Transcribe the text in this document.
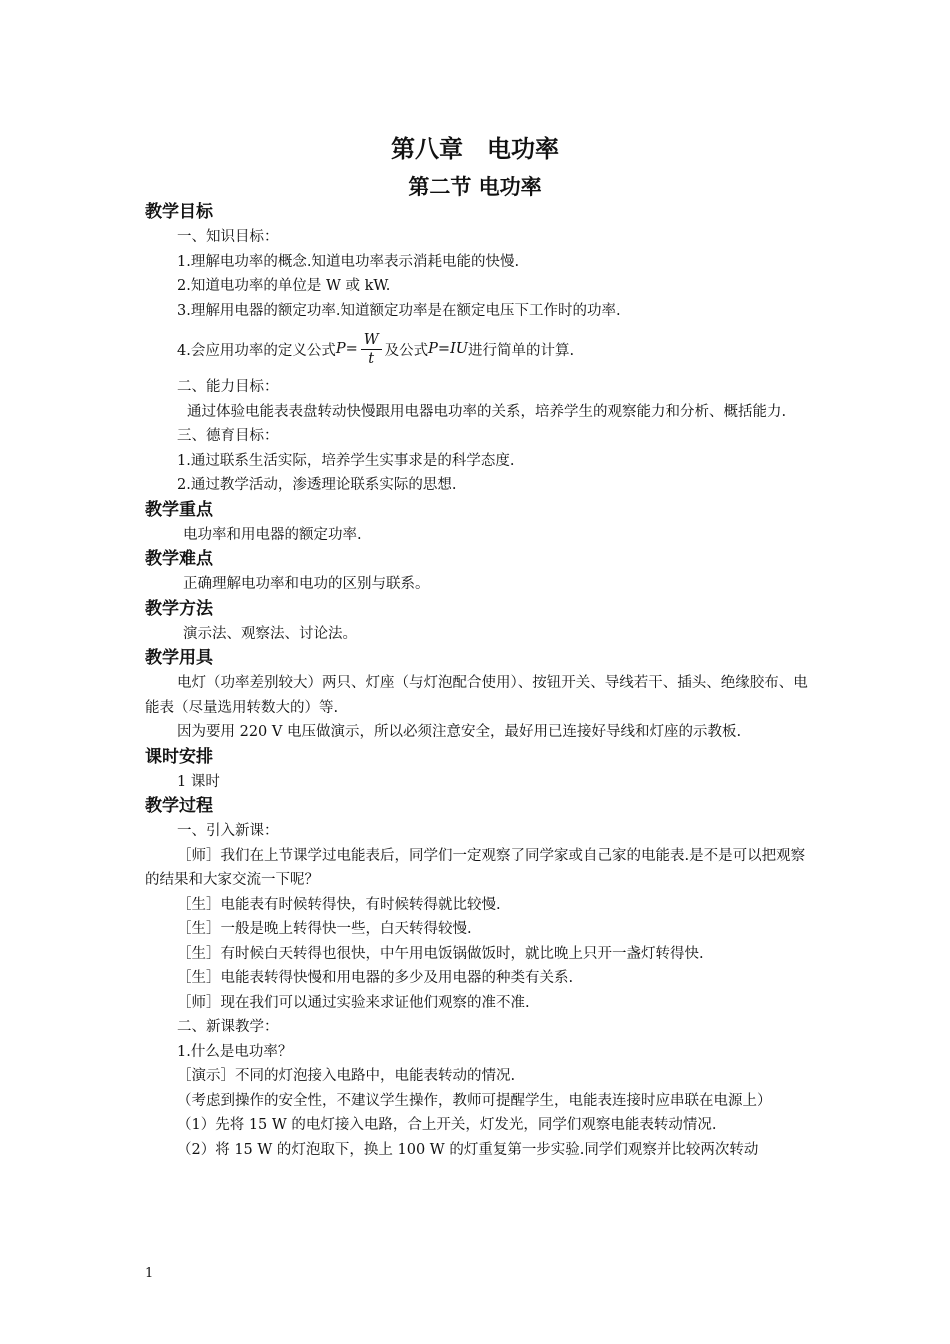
第八章　电功率
第二节 电功率
教学目标
一、知识目标：
1.理解电功率的概念.知道电功率表示消耗电能的快慢.
2.知道电功率的单位是 W 或 kW.
3.理解用电器的额定功率.知道额定功率是在额定电压下工作时的功率.
4.会应用功率的定义公式 $P = \frac{W}{t}$ 及公式 P=IU 进行简单的计算.
二、能力目标：
通过体验电能表表盘转动快慢跟用电器电功率的关系，培养学生的观察能力和分析、概括能力.
三、德育目标：
1.通过联系生活实际，培养学生实事求是的科学态度.
2.通过教学活动，渗透理论联系实际的思想.
教学重点
电功率和用电器的额定功率.
教学难点
正确理解电功率和电功的区别与联系。
教学方法
演示法、观察法、讨论法。
教学用具
电灯（功率差别较大）两只、灯座（与灯泡配合使用）、按钮开关、导线若干、插头、绝缘胶布、电能表（尽量选用转数大的）等.
因为要用 220 V 电压做演示，所以必须注意安全，最好用已连接好导线和灯座的示教板.
课时安排
1 课时
教学过程
一、引入新课：
［师］我们在上节课学过电能表后，同学们一定观察了同学家或自己家的电能表.是不是可以把观察的结果和大家交流一下呢？
［生］电能表有时候转得快，有时候转得就比较慢.
［生］一般是晚上转得快一些，白天转得较慢.
［生］有时候白天转得也很快，中午用电饭锅做饭时，就比晚上只开一盏灯转得快.
［生］电能表转得快慢和用电器的多少及用电器的种类有关系.
［师］现在我们可以通过实验来求证他们观察的准不准.
二、新课教学：
1.什么是电功率？
［演示］不同的灯泡接入电路中，电能表转动的情况.
（考虑到操作的安全性，不建议学生操作，教师可提醒学生，电能表连接时应串联在电源上）
（1）先将 15 W 的电灯接入电路，合上开关，灯发光，同学们观察电能表转动情况.
（2）将 15 W 的灯泡取下，换上 100 W 的灯重复第一步实验.同学们观察并比较两次转动
1
